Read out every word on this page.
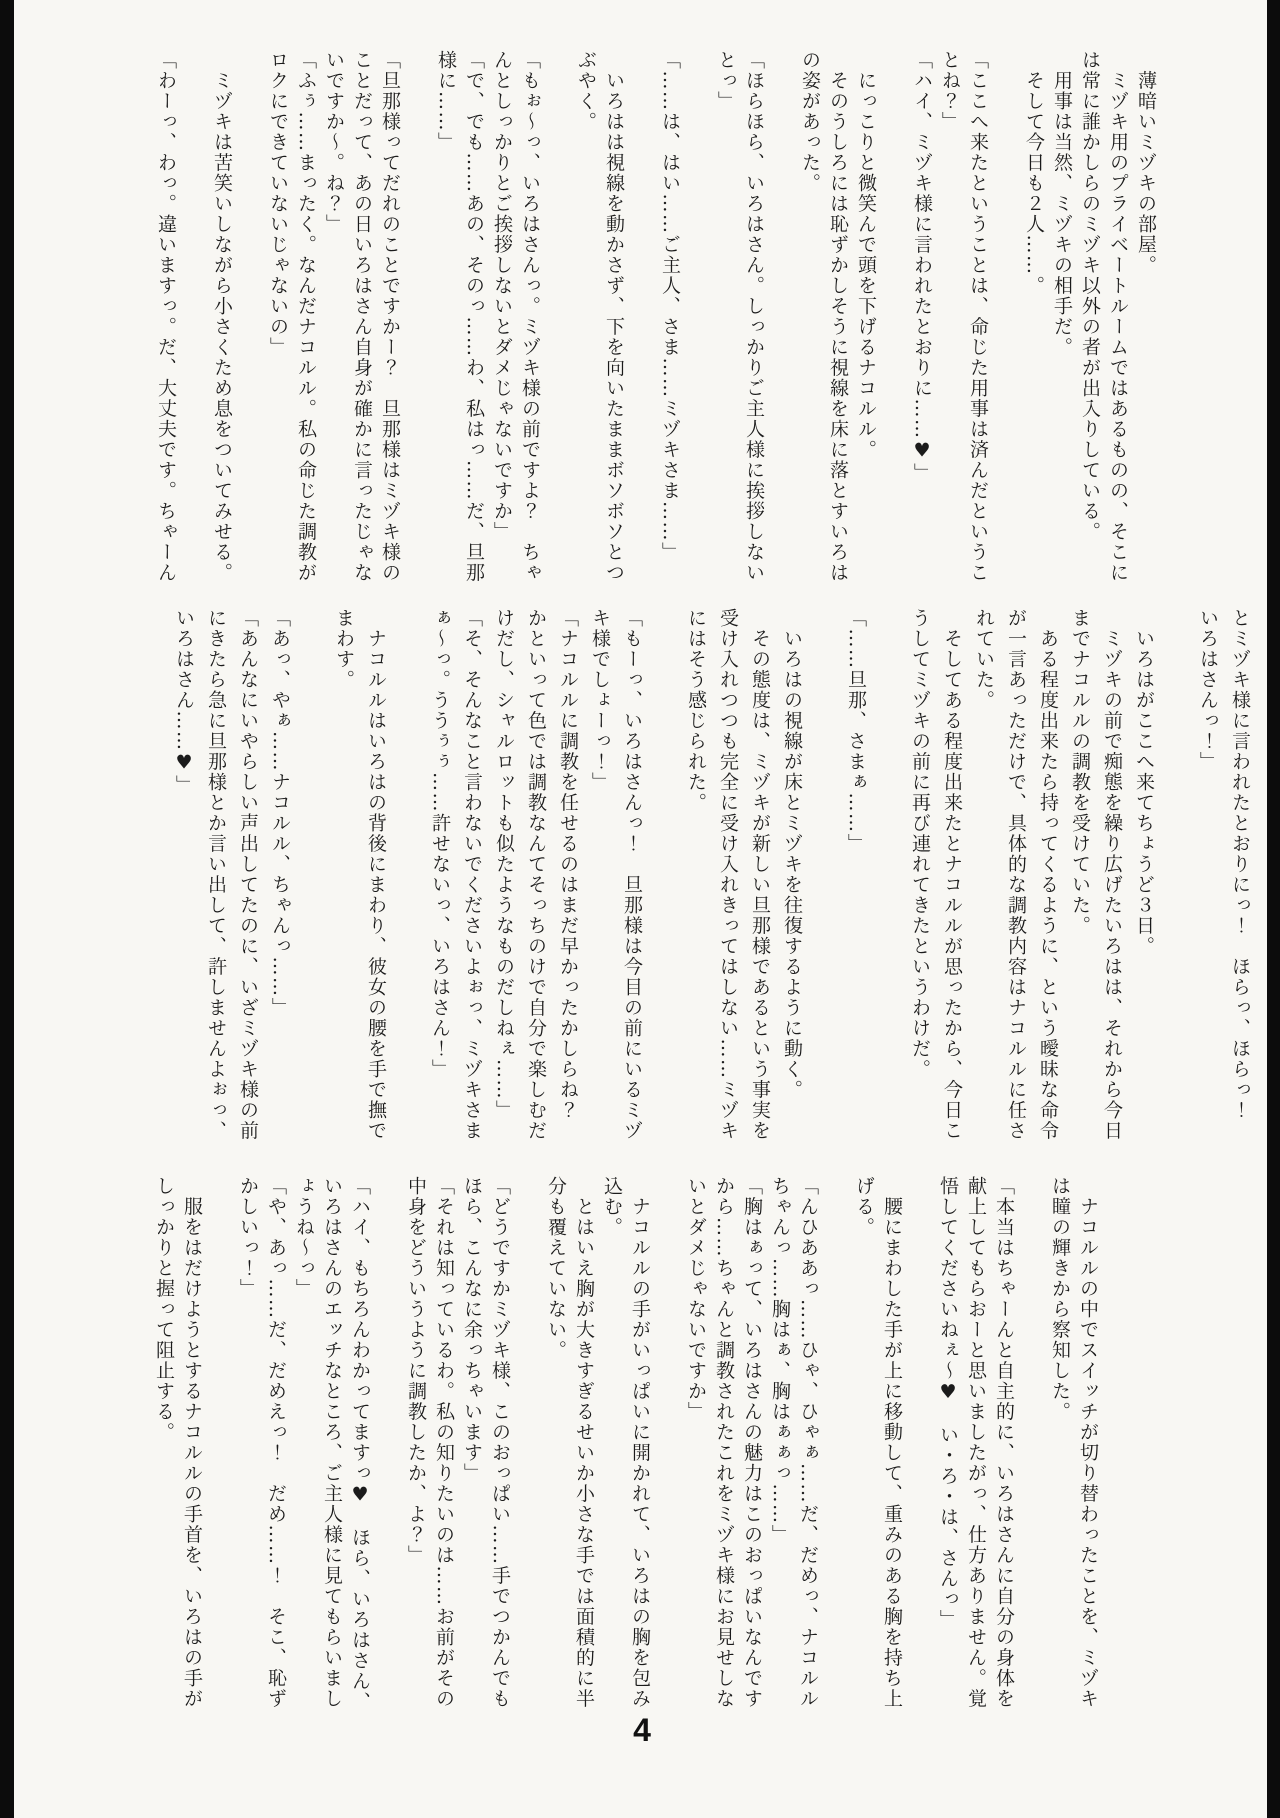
　薄暗いミヅキの部屋。

　ミヅキ用のプライベートルームではあるものの、そこに

は常に誰かしらのミヅキ以外の者が出入りしている。

　用事は当然、ミヅキの相手だ。

　そして今日も２人……。

「ここへ来たということは、命じた用事は済んだというこ

とね？」

「ハイ、ミヅキ様に言われたとおりに……♥」

　にっこりと微笑んで頭を下げるナコルル。

　そのうしろには恥ずかしそうに視線を床に落とすいろは

の姿があった。

「ほらほら、いろはさん。しっかりご主人様に挨拶しない

とっ」

「……は、はい……ご主人、さま……ミヅキさま……」

　いろはは視線を動かさず、下を向いたままボソボソとつ

ぶやく。

「もぉ～っ、いろはさんっ。ミヅキ様の前ですよ？　ちゃ

んとしっかりとご挨拶しないとダメじゃないですか」

「で、でも……あの、そのっ……わ、私はっ……だ、旦那

様に……」

「旦那様ってだれのことですかー？　旦那様はミヅキ様の

ことだって、あの日いろはさん自身が確かに言ったじゃな

いですか～。ね？」

「ふぅ……まったく。なんだナコルル。私の命じた調教が

ロクにできていないじゃないの」

　ミヅキは苦笑いしながら小さくため息をついてみせる。

「わーっ、わっ。違いますっ。だ、大丈夫です。ちゃーん

とミヅキ様に言われたとおりにっ！　ほらっ、ほらっ！

いろはさんっ！」

　いろはがここへ来てちょうど３日。

　ミヅキの前で痴態を繰り広げたいろはは、それから今日

までナコルルの調教を受けていた。

　ある程度出来たら持ってくるように、という曖昧な命令

が一言あっただけで、具体的な調教内容はナコルルに任さ

れていた。

　そしてある程度出来たとナコルルが思ったから、今日こ

うしてミヅキの前に再び連れてきたというわけだ。

「……旦那、さまぁ……」

　いろはの視線が床とミヅキを往復するように動く。

　その態度は、ミヅキが新しい旦那様であるという事実を

受け入れつつも完全に受け入れきってはしない……ミヅキ

にはそう感じられた。

「もーっ、いろはさんっ！　旦那様は今目の前にいるミヅ

キ様でしょーっ！」

「ナコルルに調教を任せるのはまだ早かったかしらね？

かといって色では調教なんてそっちのけで自分で楽しむだ

けだし、シャルロットも似たようなものだしねぇ……」

「そ、そんなこと言わないでくださいよぉっ、ミヅキさま

ぁ～っ。ううぅぅ……許せないっ、いろはさん！」

　ナコルルはいろはの背後にまわり、彼女の腰を手で撫で

まわす。

「あっ、やぁ……ナコルル、ちゃんっ……」

「あんなにいやらしい声出してたのに、いざミヅキ様の前

にきたら急に旦那様とか言い出して、許しませんよぉっ、

いろはさん……♥」

　ナコルルの中でスイッチが切り替わったことを、ミヅキ

は瞳の輝きから察知した。

「本当はちゃーんと自主的に、いろはさんに自分の身体を

献上してもらおーと思いましたがっ、仕方ありません。覚

悟してくださいねぇ～♥　い・ろ・は、さんっ」

　腰にまわした手が上に移動して、重みのある胸を持ち上

げる。

「んひああっ……ひゃ、ひゃぁ……だ、だめっ、ナコルル

ちゃんっ……胸はぁ、胸はぁぁっ……」

「胸はぁって、いろはさんの魅力はこのおっぱいなんです

から……ちゃんと調教されたこれをミヅキ様にお見せしな

いとダメじゃないですか」

　ナコルルの手がいっぱいに開かれて、いろはの胸を包み

込む。

　とはいえ胸が大きすぎるせいか小さな手では面積的に半

分も覆えていない。

「どうですかミヅキ様、このおっぱい……手でつかんでも

ほら、こんなに余っちゃいます」

「それは知っているわ。私の知りたいのは……お前がその

中身をどういうように調教したか、よ？」

「ハイ、もちろんわかってますっ♥　ほら、いろはさん、

いろはさんのエッチなところ、ご主人様に見てもらいまし

ょうね～っ」

「や、あっ……だ、だめえっ！　だめ……！　そこ、恥ず

かしいっ！」

　服をはだけようとするナコルルの手首を、いろはの手が

しっかりと握って阻止する。

4
